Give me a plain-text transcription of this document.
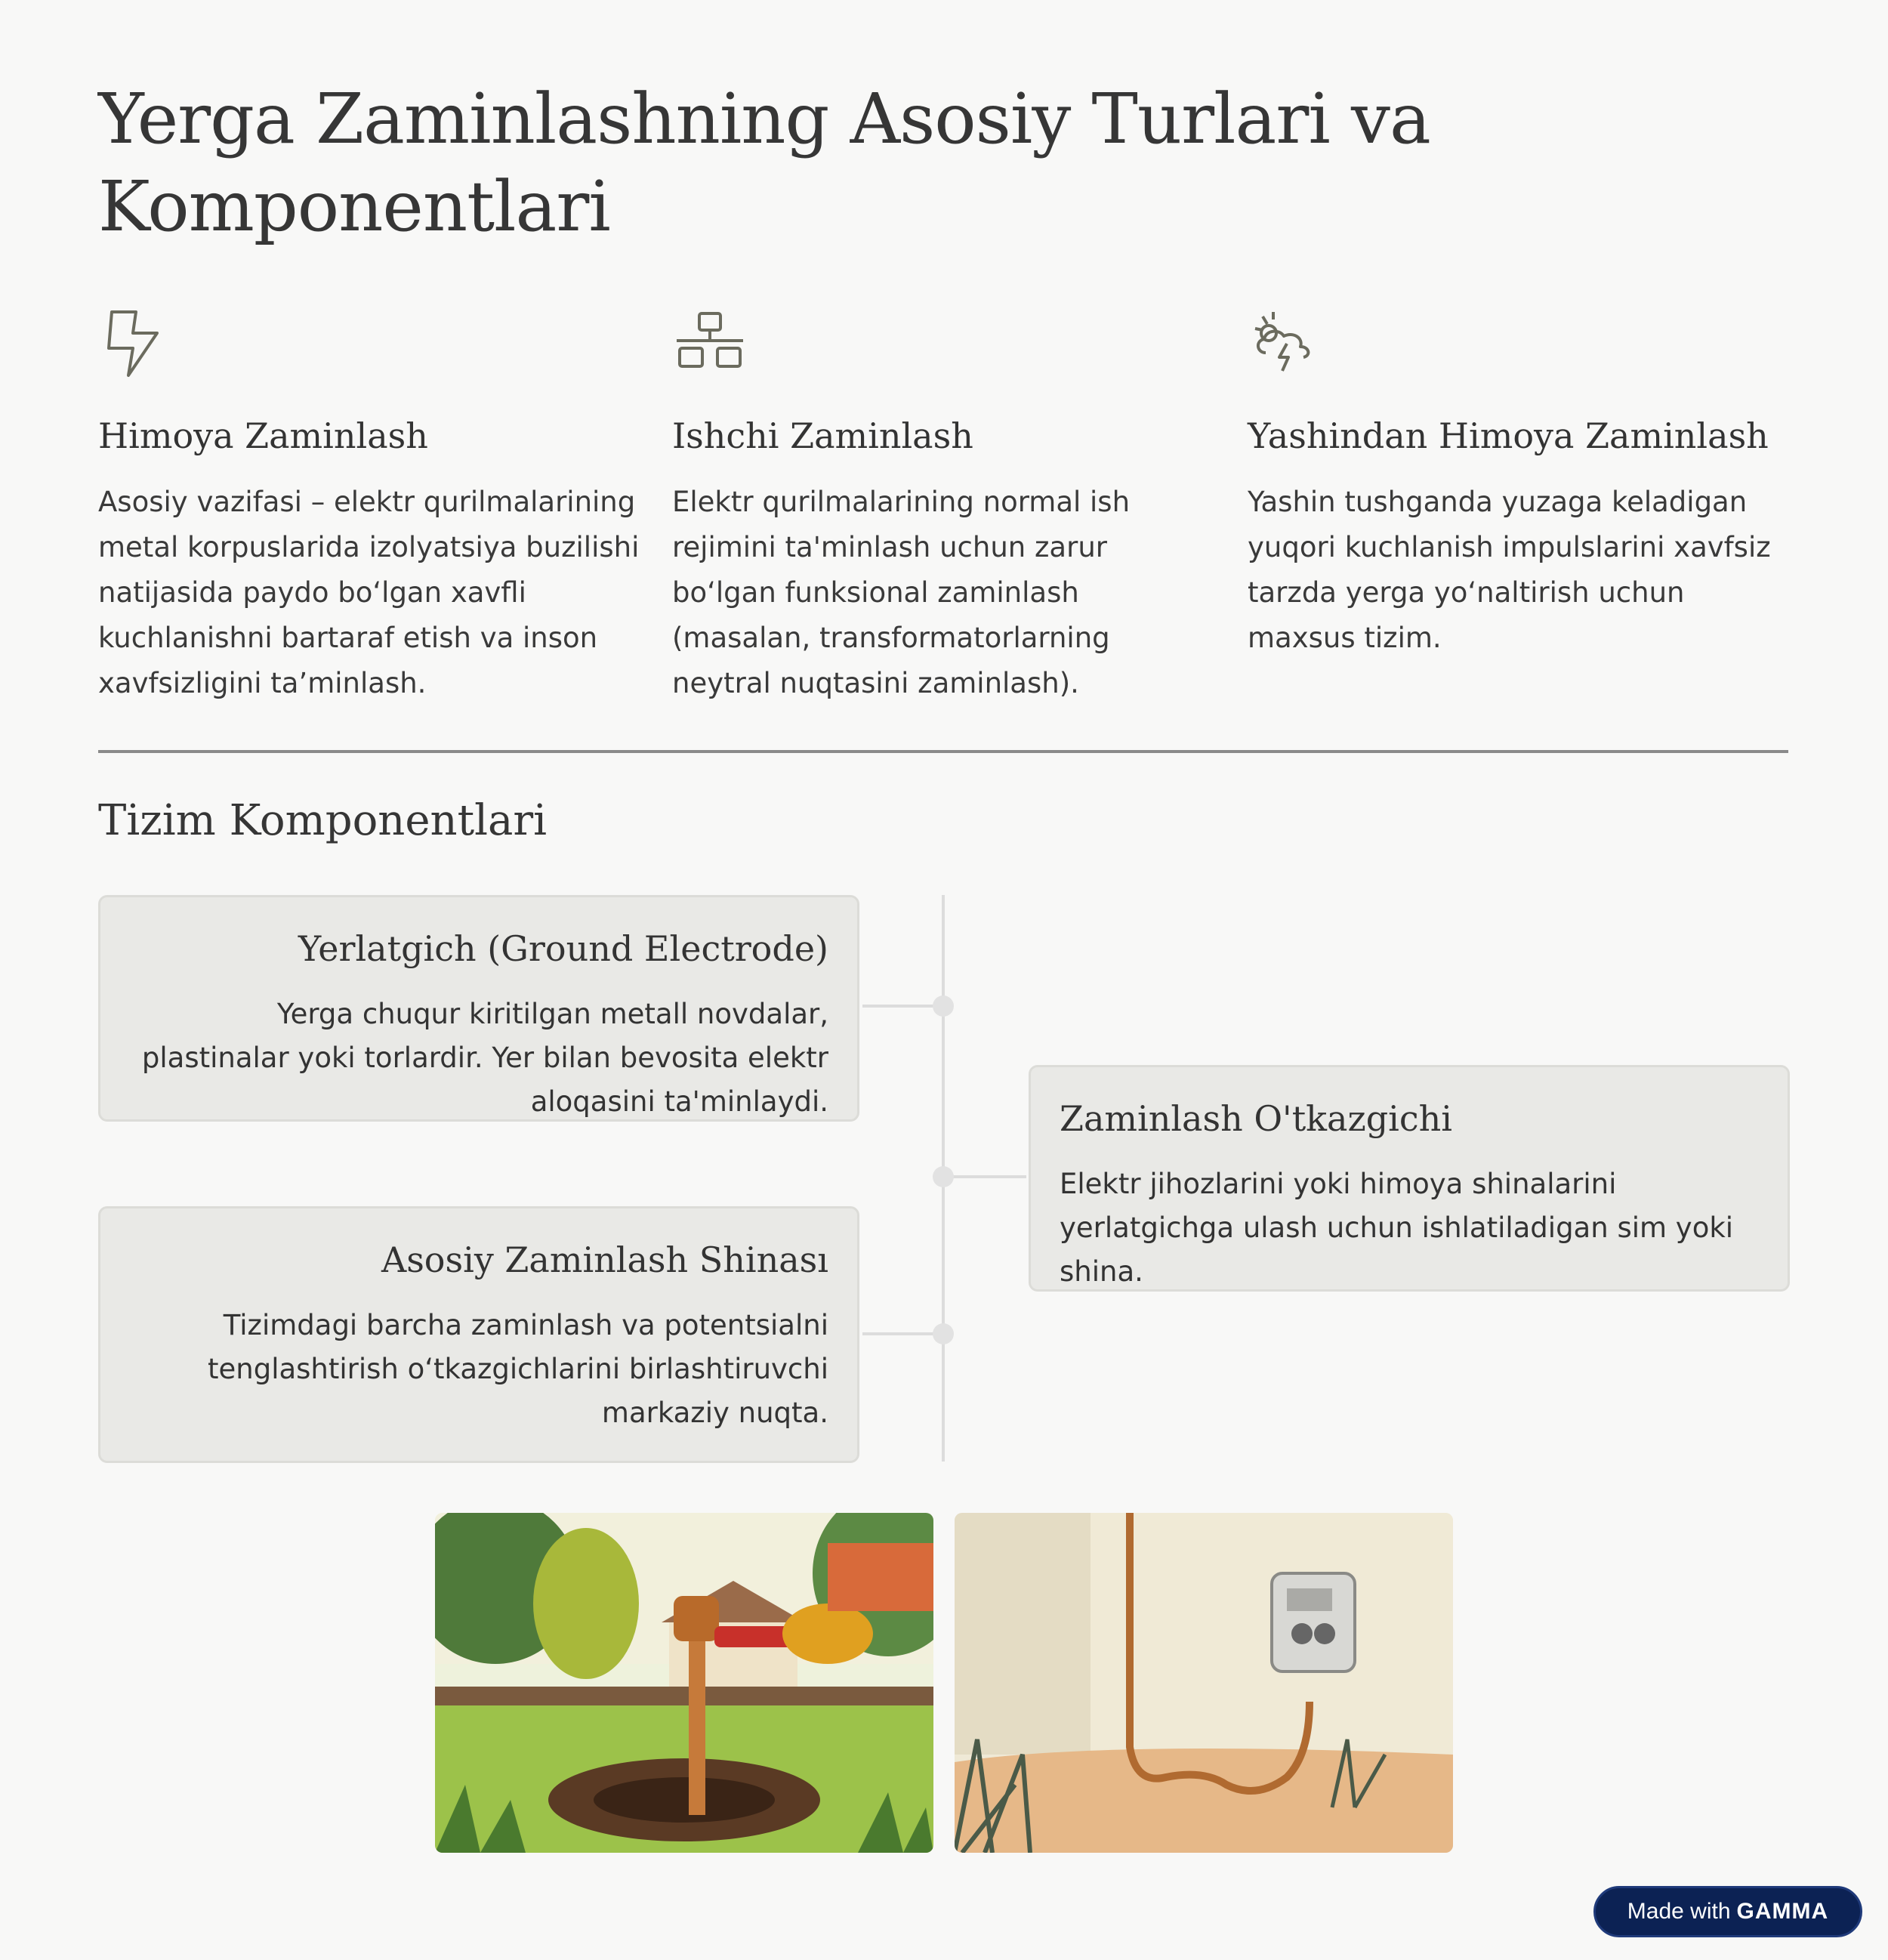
Yerga Zaminlashning Asosiy Turlari va Komponentlari
Himoya Zaminlash

Asosiy vazifasi – elektr qurilmalarining metal korpuslarida izolyatsiya buzilishi natijasida paydo boʻlgan xavfli kuchlanishni bartaraf etish va inson xavfsizligini ta’minlash.

Ishchi Zaminlash

Elektr qurilmalarining normal ish rejimini ta'minlash uchun zarur boʻlgan funksional zaminlash (masalan, transformatorlarning neytral nuqtasini zaminlash).

Yashindan Himoya Zaminlash

Yashin tushganda yuzaga keladigan yuqori kuchlanish impulslarini xavfsiz tarzda yerga yoʻnaltirish uchun maxsus tizim.

Tizim Komponentlari
Yerlatgich (Ground Electrode)

Yerga chuqur kiritilgan metall novdalar, plastinalar yoki torlardir. Yer bilan bevosita elektr aloqasini ta'minlaydi.	Zaminlash O'tkazgichi

Elektr jihozlarini yoki himoya shinalarini yerlatgichga ulash uchun ishlatiladigan sim yoki shina.

Asosiy Zaminlash Shinası

Tizimdagi barcha zaminlash va potentsialni tenglashtirish oʻtkazgichlarini birlashtiruvchi markaziy nuqta.

Made with GAMMA
